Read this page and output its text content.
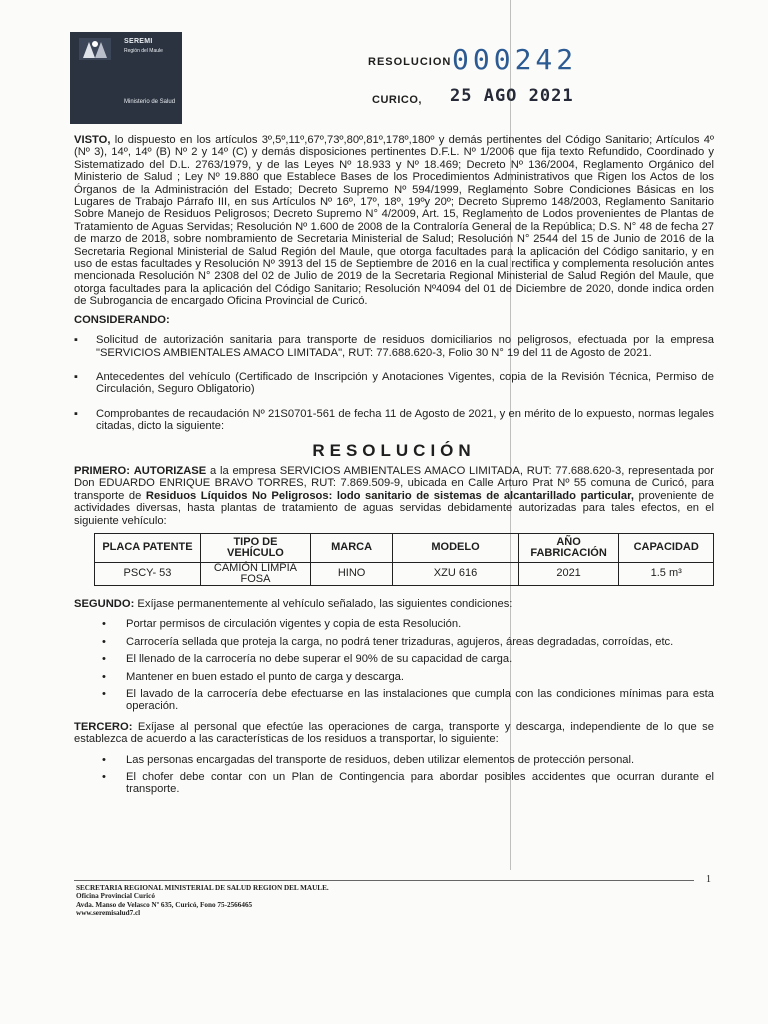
SEREMI
Región del Maule
Ministerio de Salud
RESOLUCION 000242
CURICO, 25 AGO 2021
VISTO, lo dispuesto en los artículos 3º,5º,11º,67º,73º,80º,81º,178º,180º y demás pertinentes del Código Sanitario; Artículos 4º (Nº 3), 14º, 14º (B) Nº 2 y 14º (C) y demás disposiciones pertinentes D.F.L. Nº 1/2006 que fija texto Refundido, Coordinado y Sistematizado del D.L. 2763/1979, y de las Leyes Nº 18.933 y Nº 18.469; Decreto Nº 136/2004, Reglamento Orgánico del Ministerio de Salud ; Ley Nº 19.880 que Establece Bases de los Procedimientos Administrativos que Rigen los Actos de los Órganos de la Administración del Estado; Decreto Supremo Nº 594/1999, Reglamento Sobre Condiciones Básicas en los Lugares de Trabajo Párrafo III, en sus Artículos Nº 16º, 17º, 18º, 19ºy 20º; Decreto Supremo 148/2003, Reglamento Sanitario Sobre Manejo de Residuos Peligrosos; Decreto Supremo N° 4/2009, Art. 15, Reglamento de Lodos provenientes de Plantas de Tratamiento de Aguas Servidas; Resolución Nº 1.600 de 2008 de la Contraloría General de la República; D.S. N° 48 de fecha 27 de marzo de 2018, sobre nombramiento de Secretaria Ministerial de Salud; Resolución N° 2544 del 15 de Junio de 2016 de la Secretaria Regional Ministerial de Salud Región del Maule, que otorga facultades para la aplicación del Código sanitario, y en uso de estas facultades y Resolución Nº 3913 del 15 de Septiembre de 2016 en la cual rectifica y complementa resolución antes mencionada Resolución N° 2308 del 02 de Julio de 2019 de la Secretaria Regional Ministerial de Salud Región del Maule, que otorga facultades para la aplicación del Código Sanitario; Resolución Nº4094 del 01 de Diciembre de 2020, donde indica orden de Subrogancia de encargado Oficina Provincial de Curicó.
CONSIDERANDO:
▪ Solicitud de autorización sanitaria para transporte de residuos domiciliarios no peligrosos, efectuada por la empresa "SERVICIOS AMBIENTALES AMACO LIMITADA", RUT: 77.688.620-3, Folio 30 N° 19 del 11 de Agosto de 2021.
▪ Antecedentes del vehículo (Certificado de Inscripción y Anotaciones Vigentes, copia de la Revisión Técnica, Permiso de Circulación, Seguro Obligatorio)
▪ Comprobantes de recaudación Nº 21S0701-561 de fecha 11 de Agosto de 2021, y en mérito de lo expuesto, normas legales citadas, dicto la siguiente:
RESOLUCIÓN
PRIMERO: AUTORIZASE a la empresa SERVICIOS AMBIENTALES AMACO LIMITADA, RUT: 77.688.620-3, representada por Don EDUARDO ENRIQUE BRAVO TORRES, RUT: 7.869.509-9, ubicada en Calle Arturo Prat Nº 55 comuna de Curicó, para transporte de Residuos Líquidos No Peligrosos: lodo sanitario de sistemas de alcantarillado particular, proveniente de actividades diversas, hasta plantas de tratamiento de aguas servidas debidamente autorizadas para tales efectos, en el siguiente vehículo:
PLACA PATENTE	TIPO DE VEHÍCULO	MARCA	MODELO	AÑO FABRICACIÓN	CAPACIDAD
PSCY- 53	CAMIÓN LIMPIA FOSA	HINO	XZU 616	2021	1.5 m³
SEGUNDO: Exíjase permanentemente al vehículo señalado, las siguientes condiciones:
• Portar permisos de circulación vigentes y copia de esta Resolución.
• Carrocería sellada que proteja la carga, no podrá tener trizaduras, agujeros, áreas degradadas, corroídas, etc.
• El llenado de la carrocería no debe superar el 90% de su capacidad de carga.
• Mantener en buen estado el punto de carga y descarga.
• El lavado de la carrocería debe efectuarse en las instalaciones que cumpla con las condiciones mínimas para esta operación.
TERCERO: Exíjase al personal que efectúe las operaciones de carga, transporte y descarga, independiente de lo que se establezca de acuerdo a las características de los residuos a transportar, lo siguiente:
• Las personas encargadas del transporte de residuos, deben utilizar elementos de protección personal.
• El chofer debe contar con un Plan de Contingencia para abordar posibles accidentes que ocurran durante el transporte.
1
SECRETARIA REGIONAL MINISTERIAL DE SALUD REGION DEL MAULE.
Oficina Provincial Curicó
Avda. Manso de Velasco Nº 635, Curicó, Fono 75-2566465
www.seremisalud7.cl
